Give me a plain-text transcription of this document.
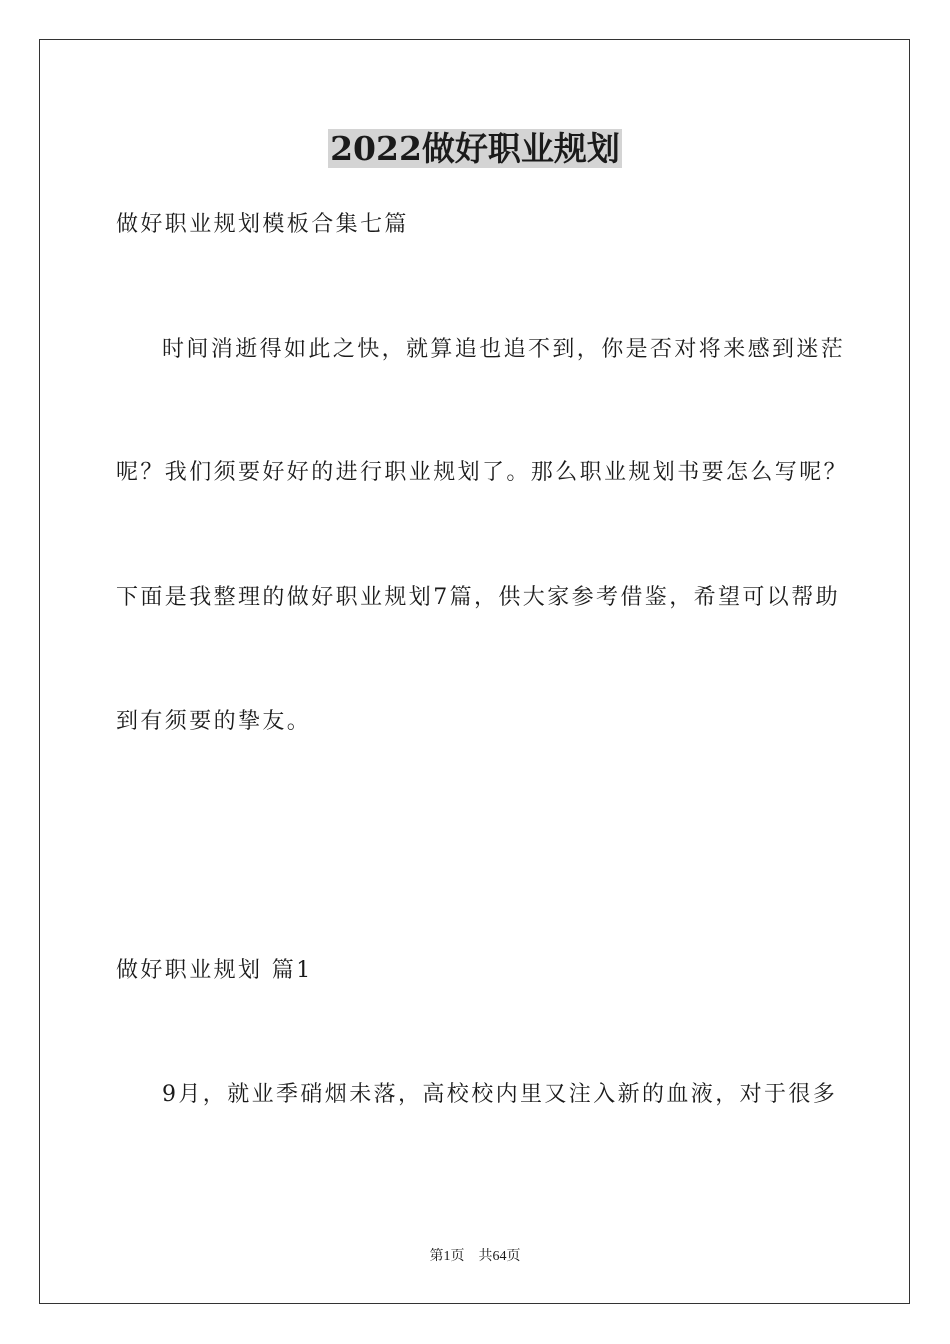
2022做好职业规划
做好职业规划模板合集七篇
时间消逝得如此之快，就算追也追不到，你是否对将来感到迷茫
呢？我们须要好好的进行职业规划了。那么职业规划书要怎么写呢？
下面是我整理的做好职业规划7篇，供大家参考借鉴，希望可以帮助
到有须要的挚友。
做好职业规划 篇1
9月，就业季硝烟未落，高校校内里又注入新的血液，对于很多
第1页 共64页
